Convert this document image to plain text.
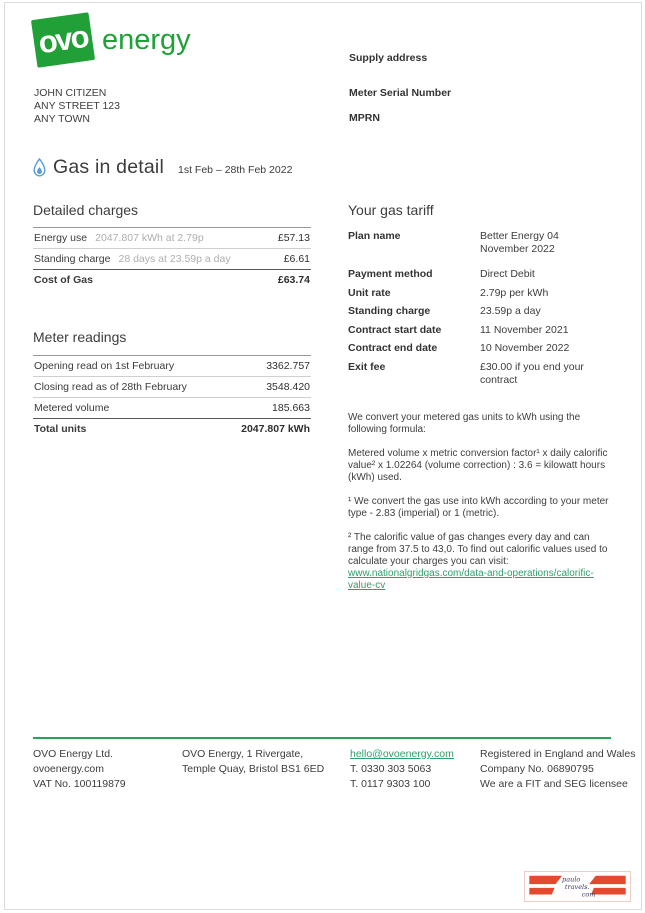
ovo energy
JOHN CITIZEN
ANY STREET 123
ANY TOWN
Supply address
Meter Serial Number
MPRN
Gas in detail 1st Feb – 28th Feb 2022
Detailed charges
Energy use 2047.807 kWh at 2.79p	£57.13
Standing charge 28 days at 23.59p a day	£6.61
Cost of Gas	£63.74
Meter readings
Opening read on 1st February	3362.757
Closing read as of 28th February	3548.420
Metered volume	185.663
Total units	2047.807 kWh
Your gas tariff
Plan name	Better Energy 04 November 2022
Payment method	Direct Debit
Unit rate	2.79p per kWh
Standing charge	23.59p a day
Contract start date	11 November 2021
Contract end date	10 November 2022
Exit fee	£30.00 if you end your contract

We convert your metered gas units to kWh using the following formula:

Metered volume x metric conversion factor¹ x daily calorific value² x 1.02264 (volume correction) : 3.6 = kilowatt hours (kWh) used.

¹ We convert the gas use into kWh according to your meter type - 2.83 (imperial) or 1 (metric).

² The calorific value of gas changes every day and can range from 37.5 to 43,0. To find out calorific values used to calculate your charges you can visit:

www.nationalgridgas.com/data-and-operations/calorific-value-cv
OVO Energy Ltd.
ovoenergy.com
VAT No. 100119879
OVO Energy, 1 Rivergate,
Temple Quay, Bristol BS1 6ED
hello@ovoenergy.com
T. 0330 303 5063
T. 0117 9303 100
Registered in England and Wales
Company No. 06890795
We are a FIT and SEG licensee
paulo
travels.
com
